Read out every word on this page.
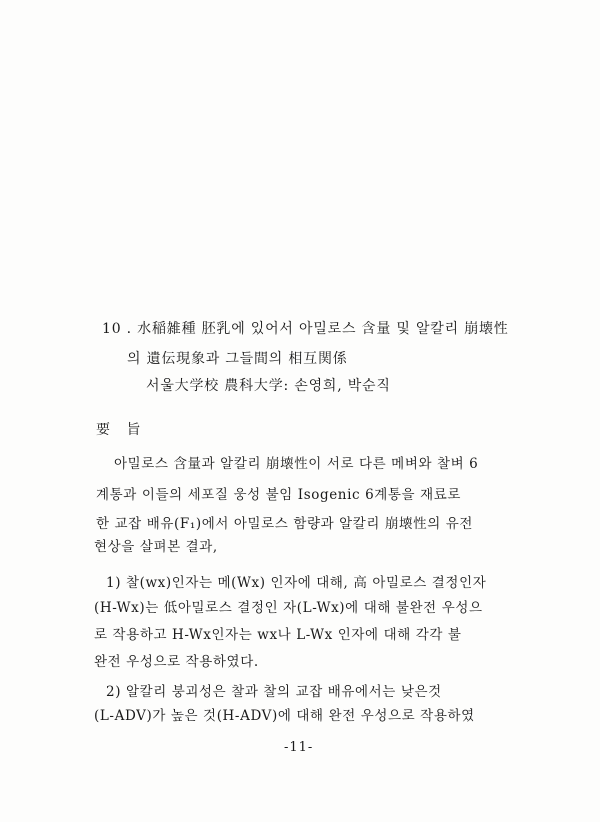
10 . 水稲雑種 胚乳에 있어서 아밀로스 含量 및 알칼리 崩壊性
의 遺伝現象과 그들間의 相互関係
서울大学校 農科大学: 손영희, 박순직
要 旨
아밀로스 含量과 알칼리 崩壊性이 서로 다른 메벼와 찰벼 6
계통과 이들의 세포질 웅성 불임 Isogenic 6계통을 재료로
한 교잡 배유(F₁)에서 아밀로스 함량과 알칼리 崩壊性의 유전
현상을 살펴본 결과,
1) 찰(wx)인자는 메(Wx) 인자에 대해, 高 아밀로스 결정인자
(H-Wx)는 低아밀로스 결정인 자(L-Wx)에 대해 불완전 우성으
로 작용하고 H-Wx인자는 wx나 L-Wx 인자에 대해 각각 불
완전 우성으로 작용하였다.
2) 알칼리 붕괴성은 찰과 찰의 교잡 배유에서는 낮은것
(L-ADV)가 높은 것(H-ADV)에 대해 완전 우성으로 작용하였
-11-
